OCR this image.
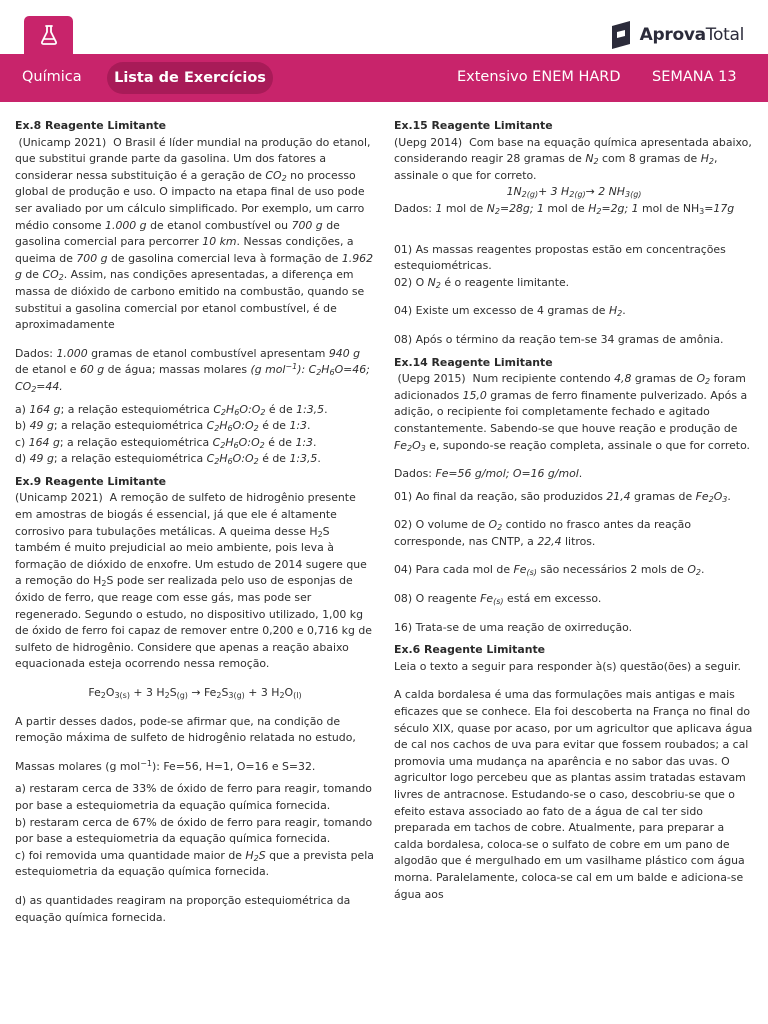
AprovaTotal
Química	Lista de Exercícios	Extensivo ENEM HARD SEMANA 13
Ex.8 Reagente Limitante

(Unicamp 2021)  O Brasil é líder mundial na produção do etanol, que substitui grande parte da gasolina. Um dos fatores a considerar nessa substituição é a geração de $CO_2$ no processo global de produção e uso. O impacto na etapa final de uso pode ser avaliado por um cálculo simplificado. Por exemplo, um carro médio consome 1.000 g de etanol combustível ou 700 g de gasolina comercial para percorrer 10 km. Nessas condições, a queima de 700 g de gasolina comercial leva à formação de 1.962 g de $CO_2$. Assim, nas condições apresentadas, a diferença em massa de dióxido de carbono emitido na combustão, quando se substitui a gasolina comercial por etanol combustível, é de aproximadamente

Dados: 1.000 gramas de etanol combustível apresentam 940 g de etanol e 60 g de água; massas molares (g mol$^{-1}$): $C_2H_6O=46$; $CO_2=44$.

a) 164 g; a relação estequiométrica $C_2H_6O:O_2$ é de 1:3,5.

b) 49 g; a relação estequiométrica $C_2H_6O:O_2$ é de 1:3.

c) 164 g; a relação estequiométrica $C_2H_6O:O_2$ é de 1:3.

d) 49 g; a relação estequiométrica $C_2H_6O:O_2$ é de 1:3,5.

Ex.9 Reagente Limitante

(Unicamp 2021)  A remoção de sulfeto de hidrogênio presente em amostras de biogás é essencial, já que ele é altamente corrosivo para tubulações metálicas. A queima desse $H_2S$ também é muito prejudicial ao meio ambiente, pois leva à formação de dióxido de enxofre. Um estudo de 2014 sugere que a remoção do $H_2S$ pode ser realizada pelo uso de esponjas de óxido de ferro, que reage com esse gás, mas pode ser regenerado. Segundo o estudo, no dispositivo utilizado, 1,00 kg de óxido de ferro foi capaz de remover entre 0,200 e 0,716 kg de sulfeto de hidrogênio. Considere que apenas a reação abaixo equacionada esteja ocorrendo nessa remoção.

$Fe_2O_{3(s)} + 3$ $H_2S_{(g)} \to Fe_2S_{3(g)} + 3$ $H_2O_{(l)}$

A partir desses dados, pode-se afirmar que, na condição de remoção máxima de sulfeto de hidrogênio relatada no estudo,

Massas molares (g mol$^{-1}$): Fe=56, H=1, O=16 e S=32.

a) restaram cerca de 33% de óxido de ferro para reagir, tomando por base a estequiometria da equação química fornecida.

b) restaram cerca de 67% de óxido de ferro para reagir, tomando por base a estequiometria da equação química fornecida.

c) foi removida uma quantidade maior de $H_2S$ que a prevista pela estequiometria da equação química fornecida.

d) as quantidades reagiram na proporção estequiométrica da equação química fornecida.

Ex.15 Reagente Limitante

(Uepg 2014)  Com base na equação química apresentada abaixo, considerando reagir 28 gramas de $N_2$ com 8 gramas de $H_2$, assinale o que for correto.

$1N_{2(g)}+ 3$ $H_{2(g)}\to 2$ $NH_{3(g)}$

Dados: 1 mol de $N_2=28g$; 1 mol de $H_2=2g$; 1 mol de $NH_3=17g$

01) As massas reagentes propostas estão em concentrações estequiométricas.

02) O $N_2$ é o reagente limitante.

04) Existe um excesso de 4 gramas de $H_2$.

08) Após o término da reação tem-se 34 gramas de amônia.

Ex.14 Reagente Limitante

(Uepg 2015)  Num recipiente contendo 4,8 gramas de $O_2$ foram adicionados 15,0 gramas de ferro finamente pulverizado. Após a adição, o recipiente foi completamente fechado e agitado constantemente. Sabendo-se que houve reação e produção de $Fe_2O_3$ e, supondo-se reação completa, assinale o que for correto.

Dados: Fe=56 g/mol; O=16 g/mol.

01) Ao final da reação, são produzidos 21,4 gramas de $Fe_2O_3$.

02) O volume de $O_2$ contido no frasco antes da reação corresponde, nas CNTP, a 22,4 litros.

04) Para cada mol de $Fe_{(s)}$ são necessários 2 mols de $O_2$.

08) O reagente $Fe_{(s)}$ está em excesso.

16) Trata-se de uma reação de oxirredução.

Ex.6 Reagente Limitante

Leia o texto a seguir para responder à(s) questão(ões) a seguir.

A calda bordalesa é uma das formulações mais antigas e mais eficazes que se conhece. Ela foi descoberta na França no final do século XIX, quase por acaso, por um agricultor que aplicava água de cal nos cachos de uva para evitar que fossem roubados; a cal promovia uma mudança na aparência e no sabor das uvas. O agricultor logo percebeu que as plantas assim tratadas estavam livres de antracnose. Estudando-se o caso, descobriu-se que o efeito estava associado ao fato de a água de cal ter sido preparada em tachos de cobre. Atualmente, para preparar a calda bordalesa, coloca-se o sulfato de cobre em um pano de algodão que é mergulhado em um vasilhame plástico com água morna. Paralelamente, coloca-se cal em um balde e adiciona-se água aos
